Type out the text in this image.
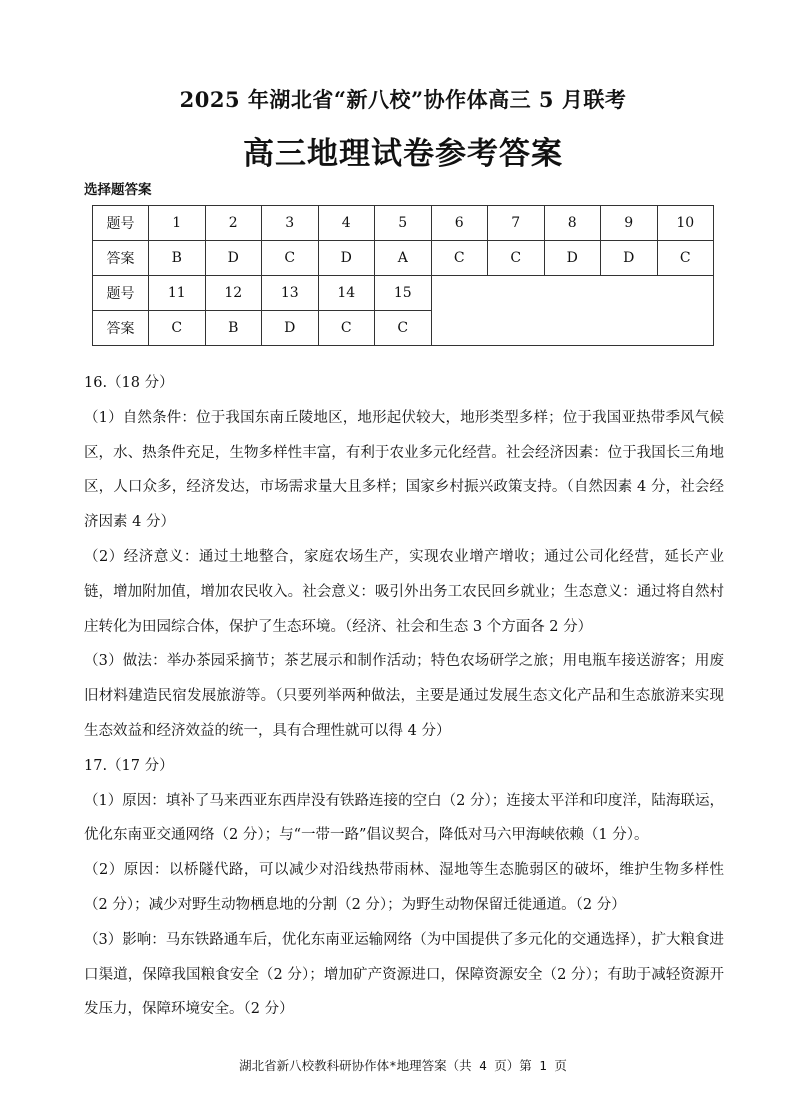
2025 年湖北省“新八校”协作体高三 5 月联考
高三地理试卷参考答案
选择题答案
题号	1	2	3	4	5	6	7	8	9	10
答案	B	D	C	D	A	C	C	D	D	C
题号	11	12	13	14	15					
答案	C	B	D	C	C					

16.（18 分）

（1）自然条件：位于我国东南丘陵地区，地形起伏较大，地形类型多样；位于我国亚热带季风气候区，水、热条件充足，生物多样性丰富，有利于农业多元化经营。社会经济因素：位于我国长三角地区，人口众多，经济发达，市场需求量大且多样；国家乡村振兴政策支持。（自然因素 4 分，社会经济因素 4 分）

（2）经济意义：通过土地整合，家庭农场生产，实现农业增产增收；通过公司化经营，延长产业链，增加附加值，增加农民收入。社会意义：吸引外出务工农民回乡就业；生态意义：通过将自然村庄转化为田园综合体，保护了生态环境。（经济、社会和生态 3 个方面各 2 分）

（3）做法：举办茶园采摘节；茶艺展示和制作活动；特色农场研学之旅；用电瓶车接送游客；用废旧材料建造民宿发展旅游等。（只要列举两种做法，主要是通过发展生态文化产品和生态旅游来实现生态效益和经济效益的统一，具有合理性就可以得 4 分）

17.（17 分）

（1）原因：填补了马来西亚东西岸没有铁路连接的空白（2 分）；连接太平洋和印度洋，陆海联运，优化东南亚交通网络（2 分）；与“一带一路”倡议契合，降低对马六甲海峡依赖（1 分）。

（2）原因：以桥隧代路，可以减少对沿线热带雨林、湿地等生态脆弱区的破坏，维护生物多样性（2 分）；减少对野生动物栖息地的分割（2 分）；为野生动物保留迁徙通道。（2 分）

（3）影响：马东铁路通车后，优化东南亚运输网络（为中国提供了多元化的交通选择），扩大粮食进口渠道，保障我国粮食安全（2 分）；增加矿产资源进口，保障资源安全（2 分）；有助于减轻资源开发压力，保障环境安全。（2 分）

湖北省新八校教科研协作体*地理答案（共 4 页）第 1 页
